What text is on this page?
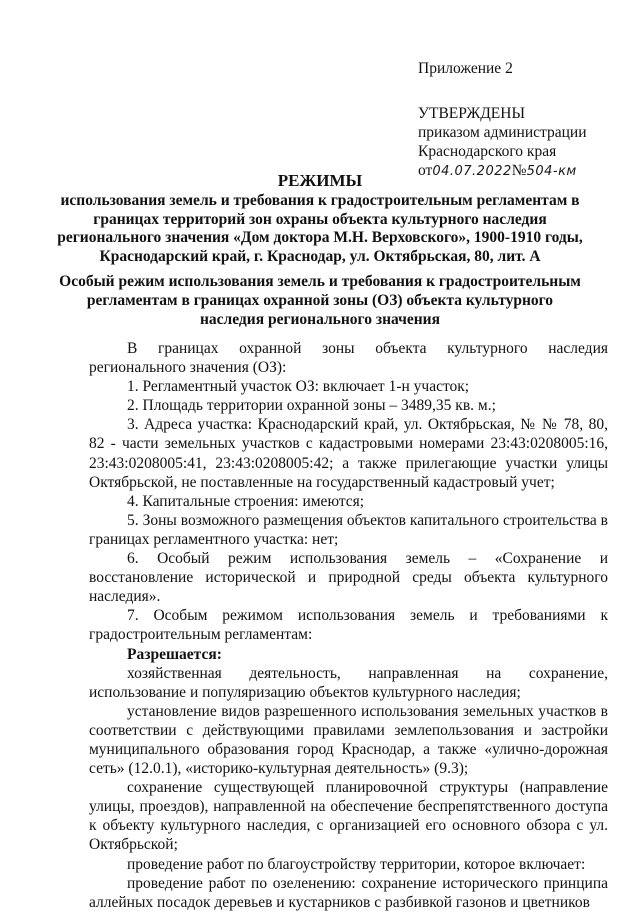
Приложение 2
УТВЕРЖДЕНЫ
приказом администрации
Краснодарского края
от04.07.2022№504-км
РЕЖИМЫ
использования земель и требования к градостроительным регламентам в
границах территорий зон охраны объекта культурного наследия
регионального значения «Дом доктора М.Н. Верховского», 1900-1910 годы,
Краснодарский край, г. Краснодар, ул. Октябрьская, 80, лит. А
Особый режим использования земель и требования к градостроительным
регламентам в границах охранной зоны (ОЗ) объекта культурного
наследия регионального значения

В границах охранной зоны объекта культурного наследия регионального значения (ОЗ):

1. Регламентный участок ОЗ: включает 1-н участок;

2. Площадь территории охранной зоны – 3489,35 кв. м.;

3. Адреса участка: Краснодарский край, ул. Октябрьская, № № 78, 80, 82 - части земельных участков с кадастровыми номерами 23:43:0208005:16, 23:43:0208005:41, 23:43:0208005:42; а также прилегающие участки улицы Октябрьской, не поставленные на государственный кадастровый учет;

4. Капитальные строения: имеются;

5. Зоны возможного размещения объектов капитального строительства в границах регламентного участка: нет;

6. Особый режим использования земель – «Сохранение и восстановление исторической и природной среды объекта культурного наследия».

7. Особым режимом использования земель и требованиями к градостроительным регламентам:

Разрешается:

хозяйственная деятельность, направленная на сохранение, использование и популяризацию объектов культурного наследия;

установление видов разрешенного использования земельных участков в соответствии с действующими правилами землепользования и застройки муниципального образования город Краснодар, а также «улично-дорожная сеть» (12.0.1), «историко-культурная деятельность» (9.3);

сохранение существующей планировочной структуры (направление улицы, проездов), направленной на обеспечение беспрепятственного доступа к объекту культурного наследия, с организацией его основного обзора с ул. Октябрьской;

проведение работ по благоустройству территории, которое включает:

проведение работ по озеленению: сохранение исторического принципа аллейных посадок деревьев и кустарников с разбивкой газонов и цветников
